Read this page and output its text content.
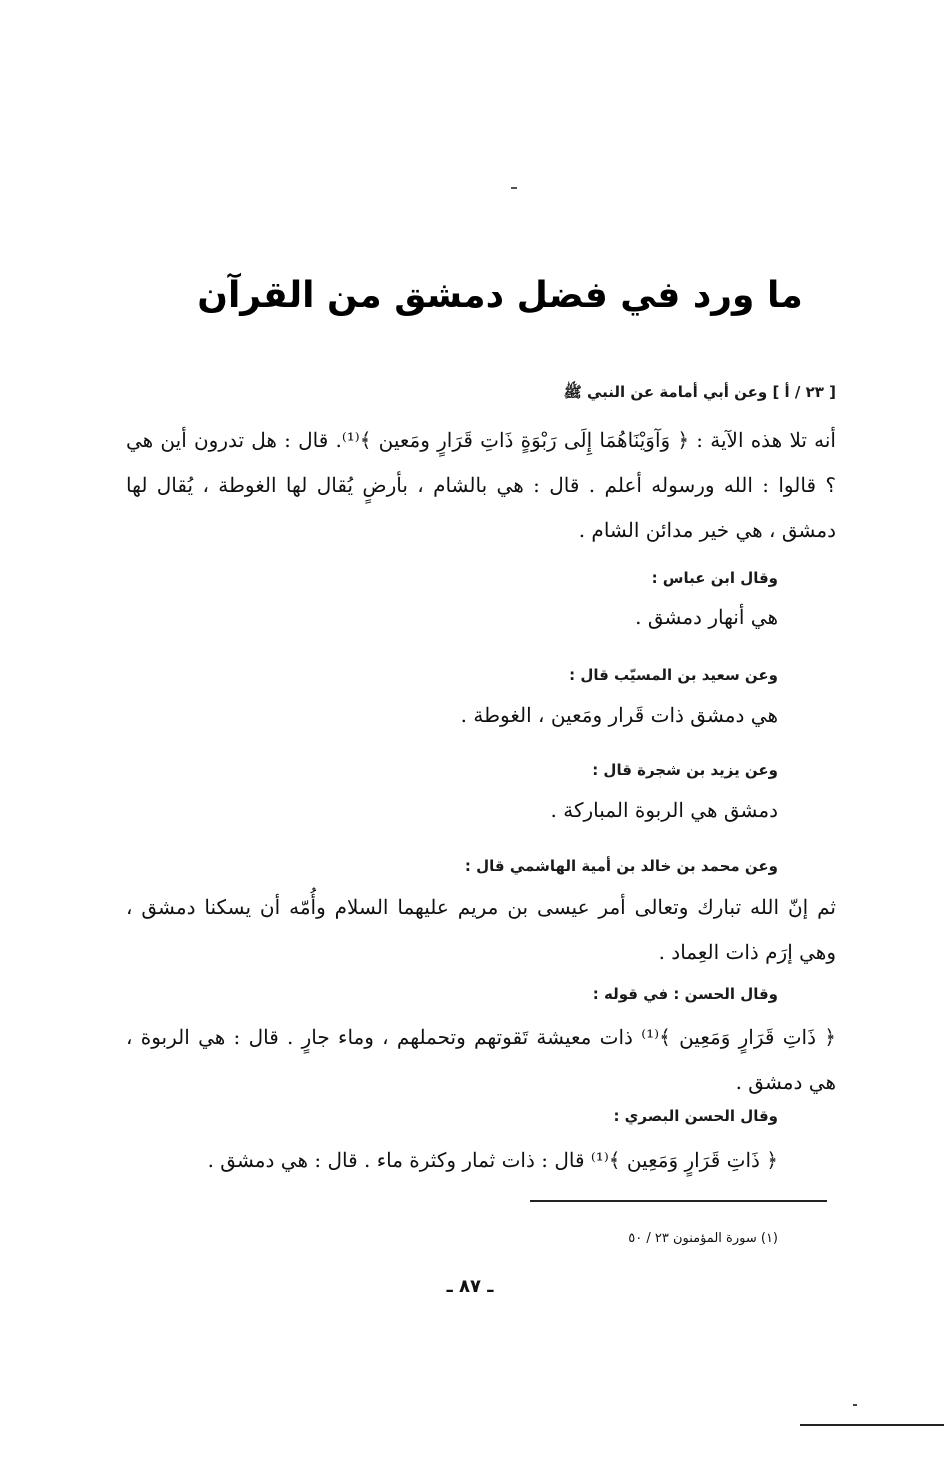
ما ورد في فضل دمشق من القرآن
[ ٢٣ / أ ] وعن أبي أمامة عن النبي ﷺ
أنه تلا هذه الآية : ﴿ وَآوَيْنَاهُمَا إِلَى رَبْوَةٍ ذَاتِ قَرَارٍ ومَعين ﴾⁽¹⁾. قال : هل تدرون أين هي ؟ قالوا : الله ورسوله أعلم . قال : هي بالشام ، بأرضٍ يُقال لها الغوطة ، يُقال لها دمشق ، هي خير مدائن الشام .
وقال ابن عباس :
هي أنهار دمشق .
وعن سعيد بن المسيّب قال :
هي دمشق ذات قَرار ومَعين ، الغوطة .
وعن يزيد بن شجرة قال :
دمشق هي الربوة المباركة .
وعن محمد بن خالد بن أمية الهاشمي قال :
ثم إنّ الله تبارك وتعالى أمر عيسى بن مريم عليهما السلام وأُمّه أن يسكنا دمشق ، وهي إرَم ذات العِماد .
وقال الحسن : في قوله :
﴿ ذَاتِ قَرَارٍ وَمَعِين ﴾⁽¹⁾ ذات معيشة تَقوتهم وتحملهم ، وماء جارٍ . قال : هي الربوة ، هي دمشق .
وقال الحسن البصري :
﴿ ذَاتِ قَرَارٍ وَمَعِين ﴾⁽¹⁾ قال : ذات ثمار وكثرة ماء . قال : هي دمشق .
(١) سورة المؤمنون ٢٣ / ٥٠
ـ ٨٧ ـ
